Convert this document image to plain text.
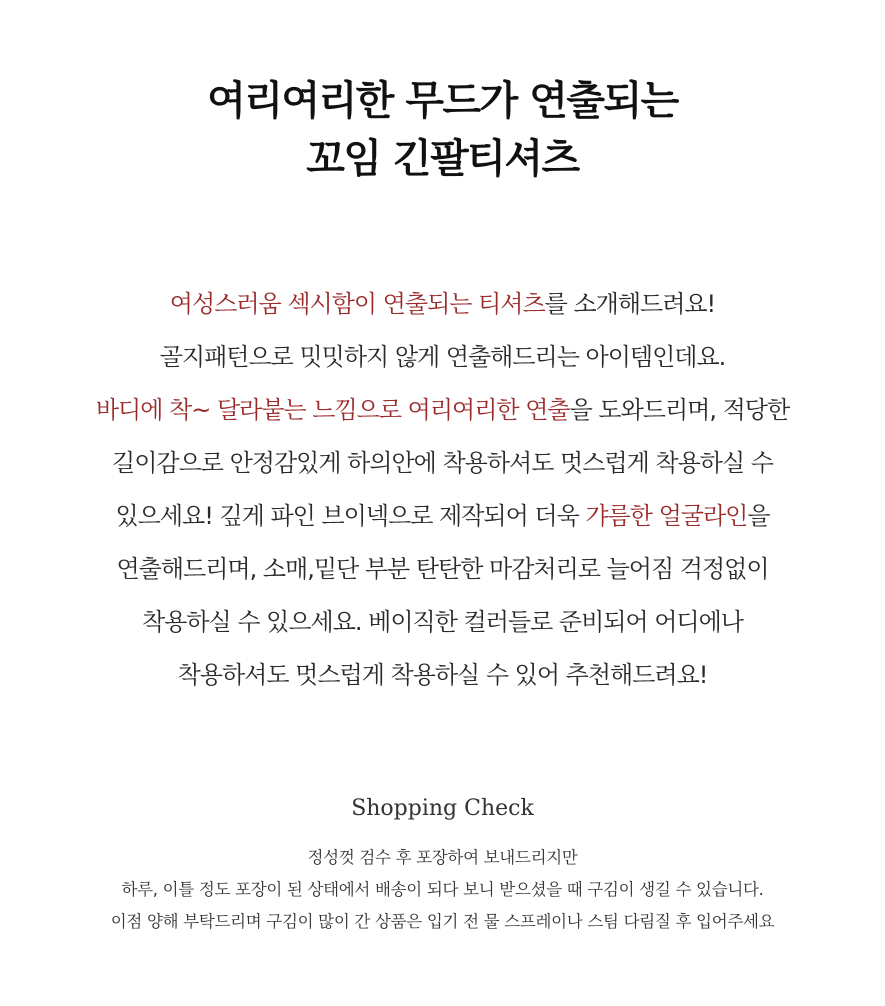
여리여리한 무드가 연출되는
꼬임 긴팔티셔츠
여성스러움 섹시함이 연출되는 티셔츠를 소개해드려요!
골지패턴으로 밋밋하지 않게 연출해드리는 아이템인데요.
바디에 착~ 달라붙는 느낌으로 여리여리한 연출을 도와드리며, 적당한
길이감으로 안정감있게 하의안에 착용하셔도 멋스럽게 착용하실 수
있으세요! 깊게 파인 브이넥으로 제작되어 더욱 갸름한 얼굴라인을
연출해드리며, 소매,밑단 부분 탄탄한 마감처리로 늘어짐 걱정없이
착용하실 수 있으세요. 베이직한 컬러들로 준비되어 어디에나
착용하셔도 멋스럽게 착용하실 수 있어 추천해드려요!
Shopping Check
정성껏 검수 후 포장하여 보내드리지만
하루, 이틀 정도 포장이 된 상태에서 배송이 되다 보니 받으셨을 때 구김이 생길 수 있습니다.
이점 양해 부탁드리며 구김이 많이 간 상품은 입기 전 물 스프레이나 스팀 다림질 후 입어주세요
